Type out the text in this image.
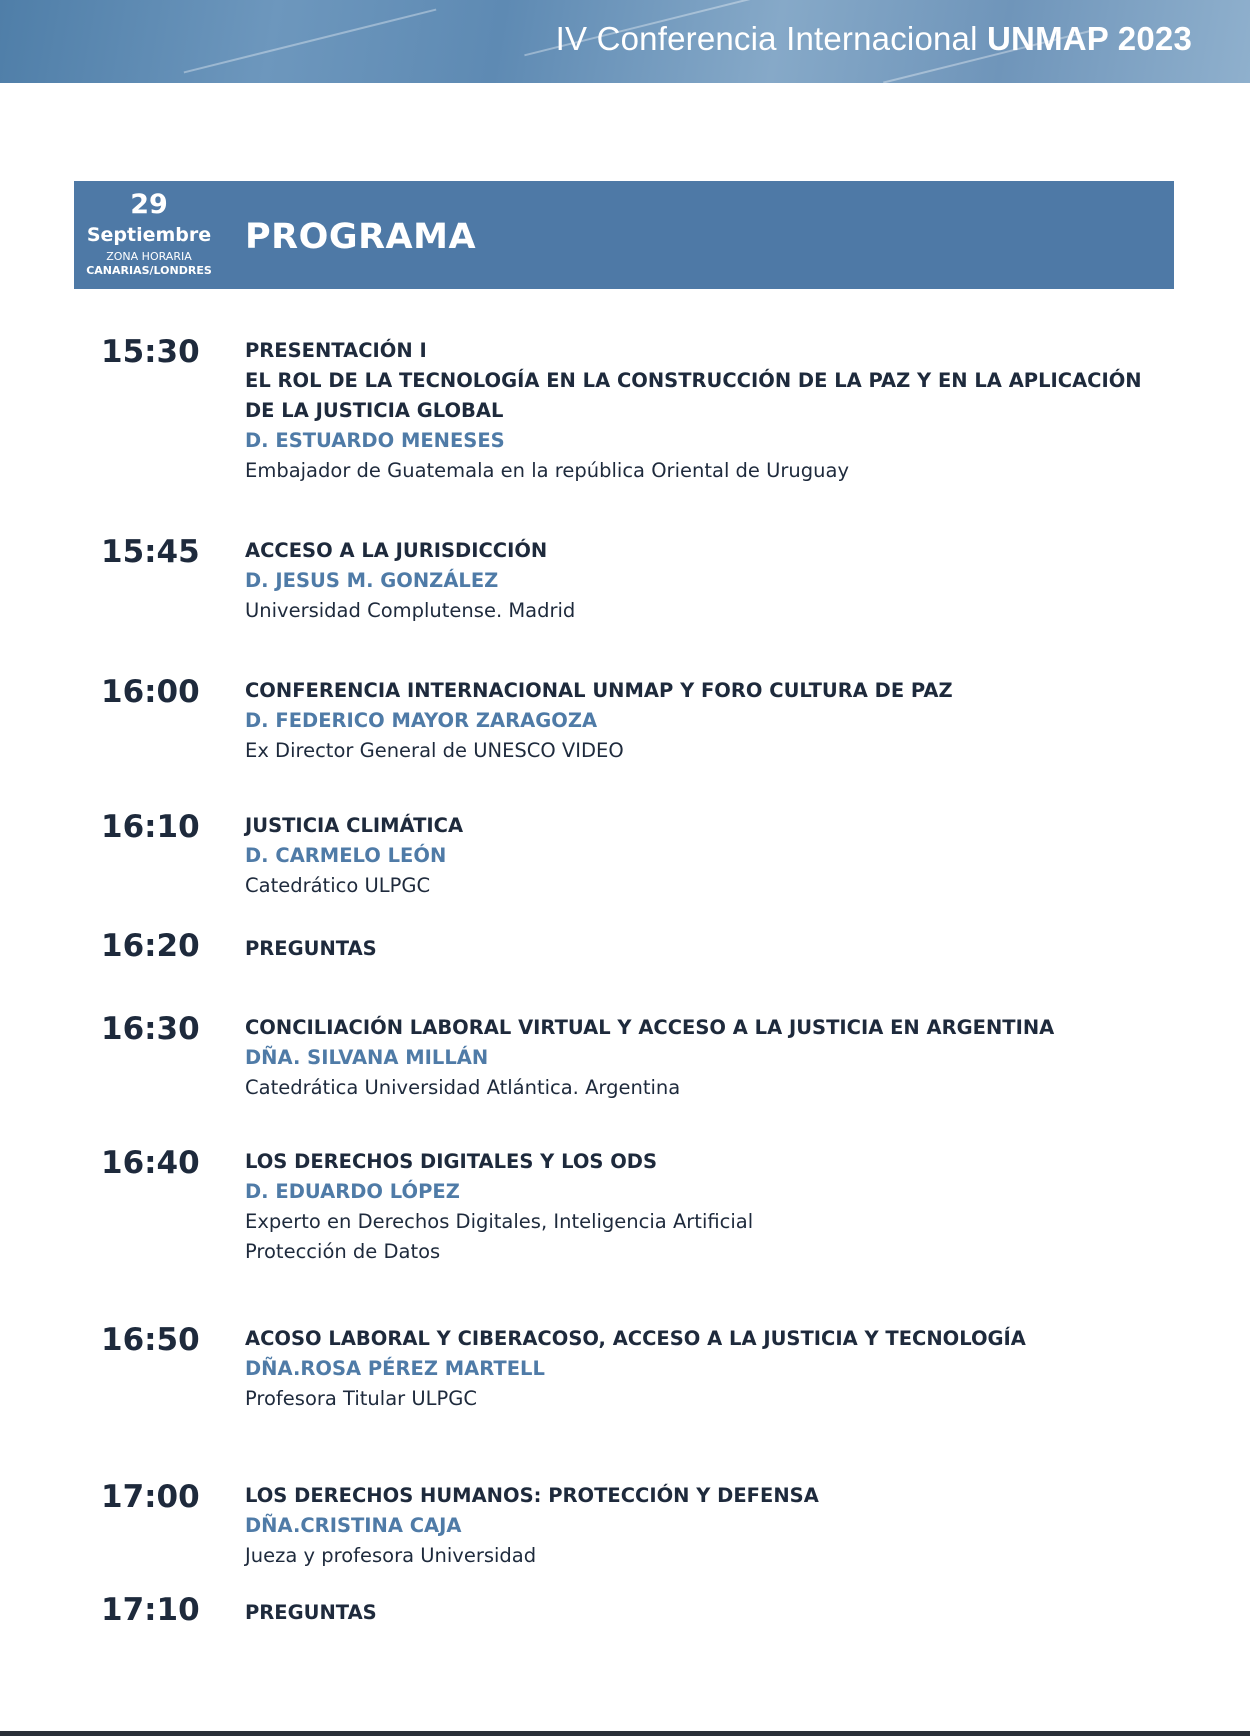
IV Conferencia Internacional UNMAP 2023
29
Septiembre
ZONA HORARIA
CANARIAS/LONDRES
PROGRAMA
15:30 PRESENTACIÓN I
EL ROL DE LA TECNOLOGÍA EN LA CONSTRUCCIÓN DE LA PAZ Y EN LA APLICACIÓN
DE LA JUSTICIA GLOBAL
D. ESTUARDO MENESES
Embajador de Guatemala en la república Oriental de Uruguay
15:45 ACCESO A LA JURISDICCIÓN
D. JESUS M. GONZÁLEZ
Universidad Complutense. Madrid
16:00 CONFERENCIA INTERNACIONAL UNMAP Y FORO CULTURA DE PAZ
D. FEDERICO MAYOR ZARAGOZA
Ex Director General de UNESCO VIDEO
16:10 JUSTICIA CLIMÁTICA
D. CARMELO LEÓN
Catedrático ULPGC
16:20 PREGUNTAS
16:30 CONCILIACIÓN LABORAL VIRTUAL Y ACCESO A LA JUSTICIA EN ARGENTINA
DÑA. SILVANA MILLÁN
Catedrática Universidad Atlántica. Argentina
16:40 LOS DERECHOS DIGITALES Y LOS ODS
D. EDUARDO LÓPEZ
Experto en Derechos Digitales, Inteligencia Artificial
Protección de Datos
16:50 ACOSO LABORAL Y CIBERACOSO, ACCESO A LA JUSTICIA Y TECNOLOGÍA
DÑA.ROSA PÉREZ MARTELL
Profesora Titular ULPGC
17:00 LOS DERECHOS HUMANOS: PROTECCIÓN Y DEFENSA
DÑA.CRISTINA CAJA
Jueza y profesora Universidad
17:10 PREGUNTAS
